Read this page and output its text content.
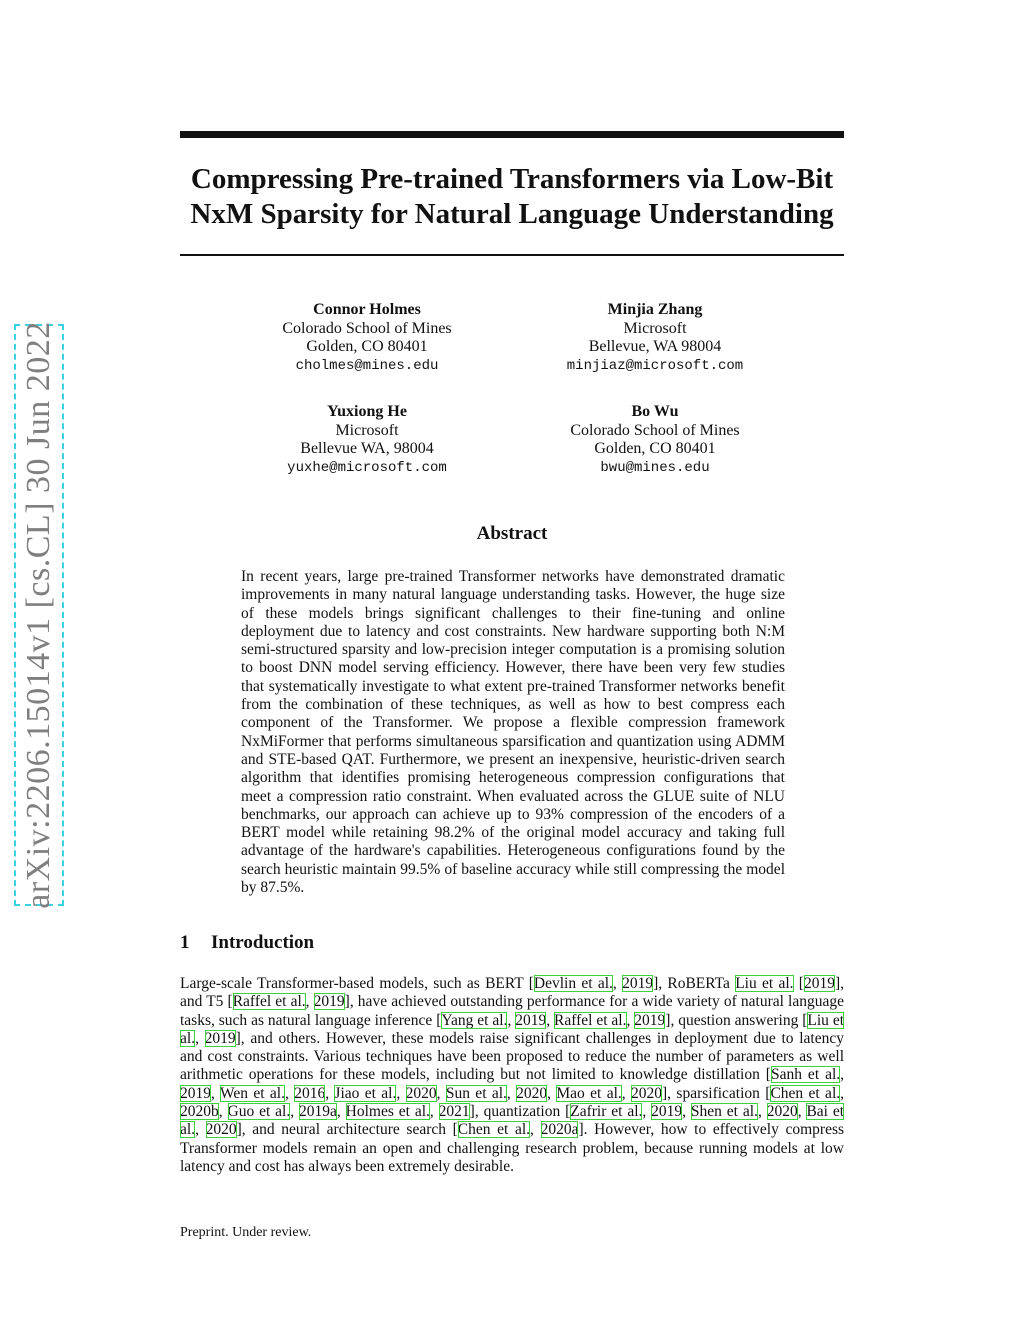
arXiv:2206.15014v1 [cs.CL] 30 Jun 2022
Compressing Pre-trained Transformers via Low-Bit
NxM Sparsity for Natural Language Understanding
Connor Holmes
Colorado School of Mines
Golden, CO 80401
cholmes@mines.edu
Minjia Zhang
Microsoft
Bellevue, WA 98004
minjiaz@microsoft.com
Yuxiong He
Microsoft
Bellevue WA, 98004
yuxhe@microsoft.com
Bo Wu
Colorado School of Mines
Golden, CO 80401
bwu@mines.edu
Abstract

In recent years, large pre-trained Transformer networks have demonstrated dramatic improvements in many natural language understanding tasks. However, the huge size of these models brings significant challenges to their fine-tuning and online deployment due to latency and cost constraints. New hardware supporting both N:M semi-structured sparsity and low-precision integer computation is a promising solution to boost DNN model serving efficiency. However, there have been very few studies that systematically investigate to what extent pre-trained Transformer networks benefit from the combination of these techniques, as well as how to best compress each component of the Transformer. We propose a flexible compression framework NxMiFormer that performs simultaneous sparsification and quantization using ADMM and STE-based QAT. Furthermore, we present an inexpensive, heuristic-driven search algorithm that identifies promising heterogeneous compression configurations that meet a compression ratio constraint. When evaluated across the GLUE suite of NLU benchmarks, our approach can achieve up to 93% compression of the encoders of a BERT model while retaining 98.2% of the original model accuracy and taking full advantage of the hardware's capabilities. Heterogeneous configurations found by the search heuristic maintain 99.5% of baseline accuracy while still compressing the model by 87.5%.

1 Introduction

Large-scale Transformer-based models, such as BERT [Devlin et al., 2019], RoBERTa Liu et al. [2019], and T5 [Raffel et al., 2019], have achieved outstanding performance for a wide variety of natural language tasks, such as natural language inference [Yang et al., 2019, Raffel et al., 2019], question answering [Liu et al., 2019], and others. However, these models raise significant challenges in deployment due to latency and cost constraints. Various techniques have been proposed to reduce the number of parameters as well arithmetic operations for these models, including but not limited to knowledge distillation [Sanh et al., 2019, Wen et al., 2016, Jiao et al., 2020, Sun et al., 2020, Mao et al., 2020], sparsification [Chen et al., 2020b, Guo et al., 2019a, Holmes et al., 2021], quantization [Zafrir et al., 2019, Shen et al., 2020, Bai et al., 2020], and neural architecture search [Chen et al., 2020a]. However, how to effectively compress Transformer models remain an open and challenging research problem, because running models at low latency and cost has always been extremely desirable.

Preprint. Under review.
